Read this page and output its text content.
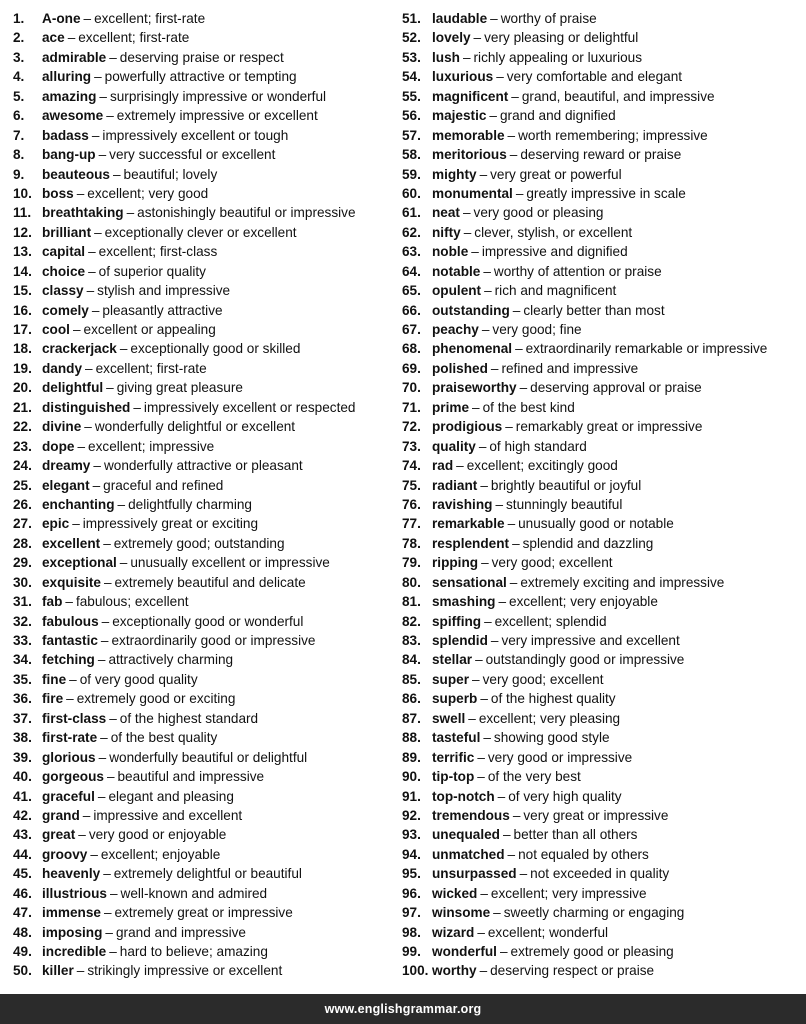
1.	A-one – excellent; first-rate
2.	ace – excellent; first-rate
3.	admirable – deserving praise or respect
4.	alluring – powerfully attractive or tempting
5.	amazing – surprisingly impressive or wonderful
6.	awesome – extremely impressive or excellent
7.	badass – impressively excellent or tough
8.	bang-up – very successful or excellent
9.	beauteous – beautiful; lovely
10. boss – excellent; very good
11. breathtaking – astonishingly beautiful or impressive
12. brilliant – exceptionally clever or excellent
13. capital – excellent; first-class
14. choice – of superior quality
15. classy – stylish and impressive
16. comely – pleasantly attractive
17. cool – excellent or appealing
18. crackerjack – exceptionally good or skilled
19. dandy – excellent; first-rate
20. delightful – giving great pleasure
21. distinguished – impressively excellent or respected
22. divine – wonderfully delightful or excellent
23. dope – excellent; impressive
24. dreamy – wonderfully attractive or pleasant
25. elegant – graceful and refined
26. enchanting – delightfully charming
27. epic – impressively great or exciting
28. excellent – extremely good; outstanding
29. exceptional – unusually excellent or impressive
30. exquisite – extremely beautiful and delicate
31. fab – fabulous; excellent
32. fabulous – exceptionally good or wonderful
33. fantastic – extraordinarily good or impressive
34. fetching – attractively charming
35. fine – of very good quality
36. fire – extremely good or exciting
37. first-class – of the highest standard
38. first-rate – of the best quality
39. glorious – wonderfully beautiful or delightful
40. gorgeous – beautiful and impressive
41. graceful – elegant and pleasing
42. grand – impressive and excellent
43. great – very good or enjoyable
44. groovy – excellent; enjoyable
45. heavenly – extremely delightful or beautiful
46. illustrious – well-known and admired
47. immense – extremely great or impressive
48. imposing – grand and impressive
49. incredible – hard to believe; amazing
50. killer – strikingly impressive or excellent
51. laudable – worthy of praise
52. lovely – very pleasing or delightful
53. lush – richly appealing or luxurious
54. luxurious – very comfortable and elegant
55. magnificent – grand, beautiful, and impressive
56. majestic – grand and dignified
57. memorable – worth remembering; impressive
58. meritorious – deserving reward or praise
59. mighty – very great or powerful
60. monumental – greatly impressive in scale
61. neat – very good or pleasing
62. nifty – clever, stylish, or excellent
63. noble – impressive and dignified
64. notable – worthy of attention or praise
65. opulent – rich and magnificent
66. outstanding – clearly better than most
67. peachy – very good; fine
68. phenomenal – extraordinarily remarkable or impressive
69. polished – refined and impressive
70. praiseworthy – deserving approval or praise
71. prime – of the best kind
72. prodigious – remarkably great or impressive
73. quality – of high standard
74. rad – excellent; excitingly good
75. radiant – brightly beautiful or joyful
76. ravishing – stunningly beautiful
77. remarkable – unusually good or notable
78. resplendent – splendid and dazzling
79. ripping – very good; excellent
80. sensational – extremely exciting and impressive
81. smashing – excellent; very enjoyable
82. spiffing – excellent; splendid
83. splendid – very impressive and excellent
84. stellar – outstandingly good or impressive
85. super – very good; excellent
86. superb – of the highest quality
87. swell – excellent; very pleasing
88. tasteful – showing good style
89. terrific – very good or impressive
90. tip-top – of the very best
91. top-notch – of very high quality
92. tremendous – very great or impressive
93. unequaled – better than all others
94. unmatched – not equaled by others
95. unsurpassed – not exceeded in quality
96. wicked – excellent; very impressive
97. winsome – sweetly charming or engaging
98. wizard – excellent; wonderful
99. wonderful – extremely good or pleasing
100. worthy – deserving respect or praise
www.englishgrammar.org
